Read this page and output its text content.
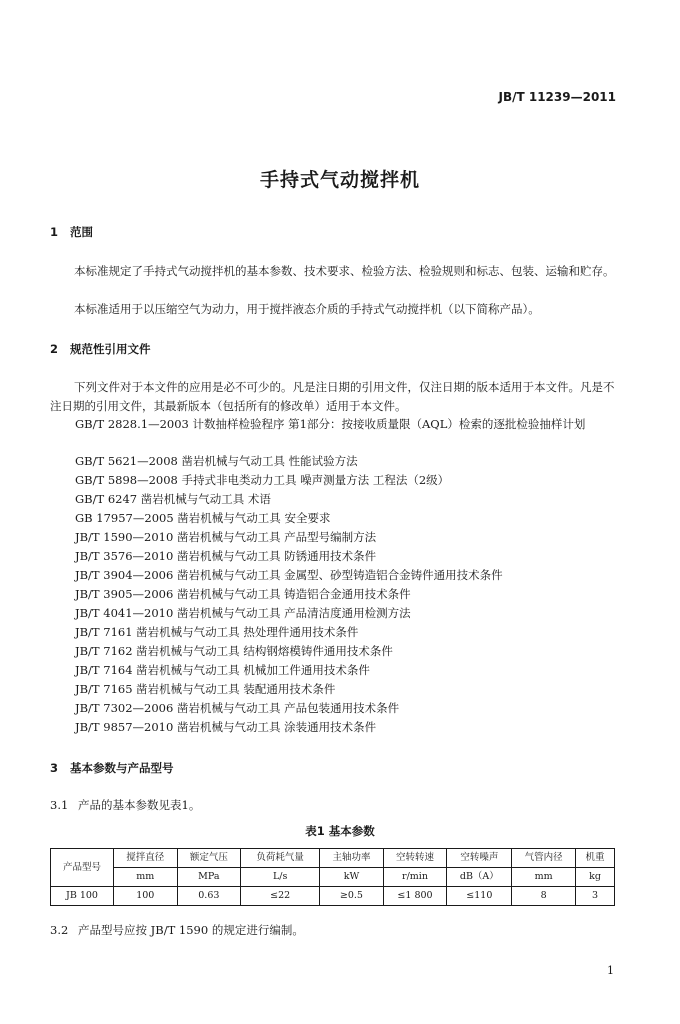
JB/T 11239—2011
手持式气动搅拌机
1 范围
本标准规定了手持式气动搅拌机的基本参数、技术要求、检验方法、检验规则和标志、包装、运输和贮存。
本标准适用于以压缩空气为动力，用于搅拌液态介质的手持式气动搅拌机（以下简称产品）。
2 规范性引用文件
下列文件对于本文件的应用是必不可少的。凡是注日期的引用文件，仅注日期的版本适用于本文件。凡是不注日期的引用文件，其最新版本（包括所有的修改单）适用于本文件。
GB/T 2828.1—2003 计数抽样检验程序 第1部分：按接收质量限（AQL）检索的逐批检验抽样计划
GB/T 5621—2008 凿岩机械与气动工具 性能试验方法
GB/T 5898—2008 手持式非电类动力工具 噪声测量方法 工程法（2级）
GB/T 6247 凿岩机械与气动工具 术语
GB 17957—2005 凿岩机械与气动工具 安全要求
JB/T 1590—2010 凿岩机械与气动工具 产品型号编制方法
JB/T 3576—2010 凿岩机械与气动工具 防锈通用技术条件
JB/T 3904—2006 凿岩机械与气动工具 金属型、砂型铸造铝合金铸件通用技术条件
JB/T 3905—2006 凿岩机械与气动工具 铸造铝合金通用技术条件
JB/T 4041—2010 凿岩机械与气动工具 产品清洁度通用检测方法
JB/T 7161 凿岩机械与气动工具 热处理件通用技术条件
JB/T 7162 凿岩机械与气动工具 结构钢熔模铸件通用技术条件
JB/T 7164 凿岩机械与气动工具 机械加工件通用技术条件
JB/T 7165 凿岩机械与气动工具 装配通用技术条件
JB/T 7302—2006 凿岩机械与气动工具 产品包装通用技术条件
JB/T 9857—2010 凿岩机械与气动工具 涂装通用技术条件
3 基本参数与产品型号
3.1 产品的基本参数见表1。
表1 基本参数
产品型号	搅拌直径	额定气压	负荷耗气量	主轴功率	空转转速	空转噪声	气管内径	机重
	mm	MPa	L/s	kW	r/min	dB（A）	mm	kg
JB 100	100	0.63	≤22	≥0.5	≤1 800	≤110	8	3
3.2 产品型号应按 JB/T 1590 的规定进行编制。
1
